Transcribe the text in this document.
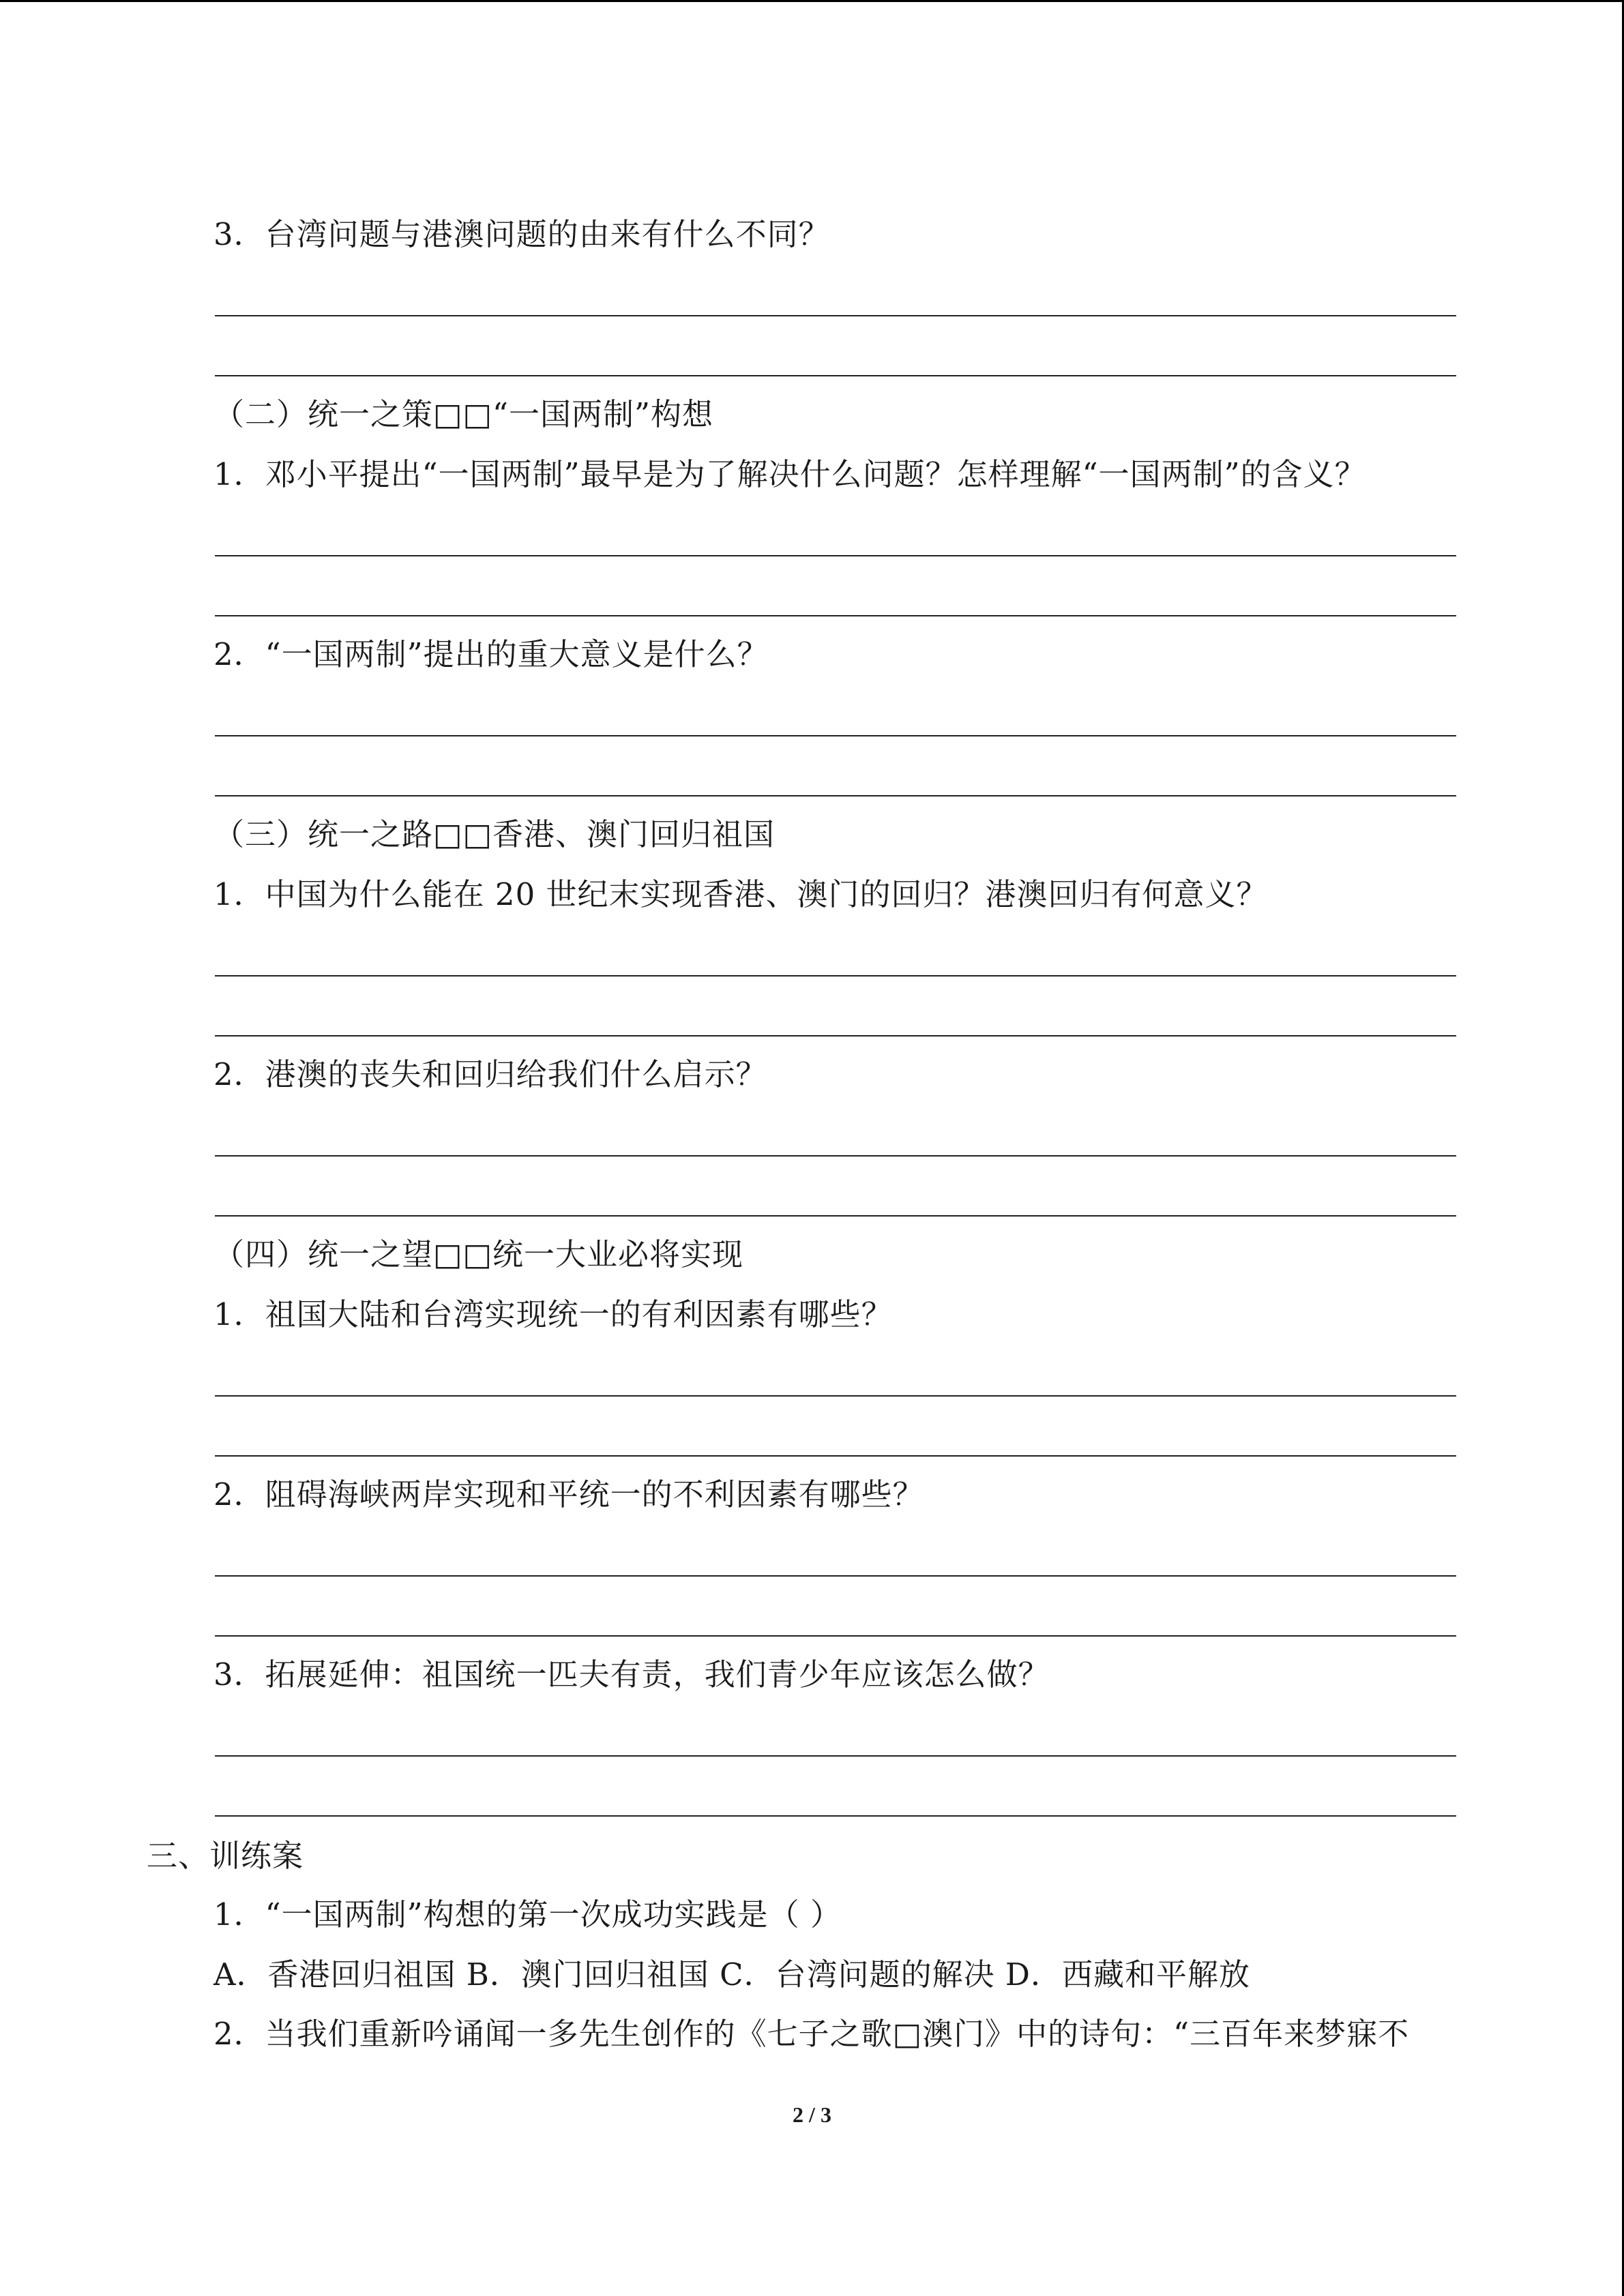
3．台湾问题与港澳问题的由来有什么不同？
（二）统一之策□□“一国两制”构想
1．邓小平提出“一国两制”最早是为了解决什么问题？怎样理解“一国两制”的含义？
2．“一国两制”提出的重大意义是什么？
（三）统一之路□□香港、澳门回归祖国
1．中国为什么能在 20 世纪末实现香港、澳门的回归？港澳回归有何意义？
2．港澳的丧失和回归给我们什么启示？
（四）统一之望□□统一大业必将实现
1．祖国大陆和台湾实现统一的有利因素有哪些？
2．阻碍海峡两岸实现和平统一的不利因素有哪些？
3．拓展延伸：祖国统一匹夫有责，我们青少年应该怎么做？
三、训练案
1．“一国两制”构想的第一次成功实践是（ ）
A．香港回归祖国 B．澳门回归祖国 C．台湾问题的解决 D．西藏和平解放
2．当我们重新吟诵闻一多先生创作的《七子之歌□澳门》中的诗句：“三百年来梦寐不
2 / 3
